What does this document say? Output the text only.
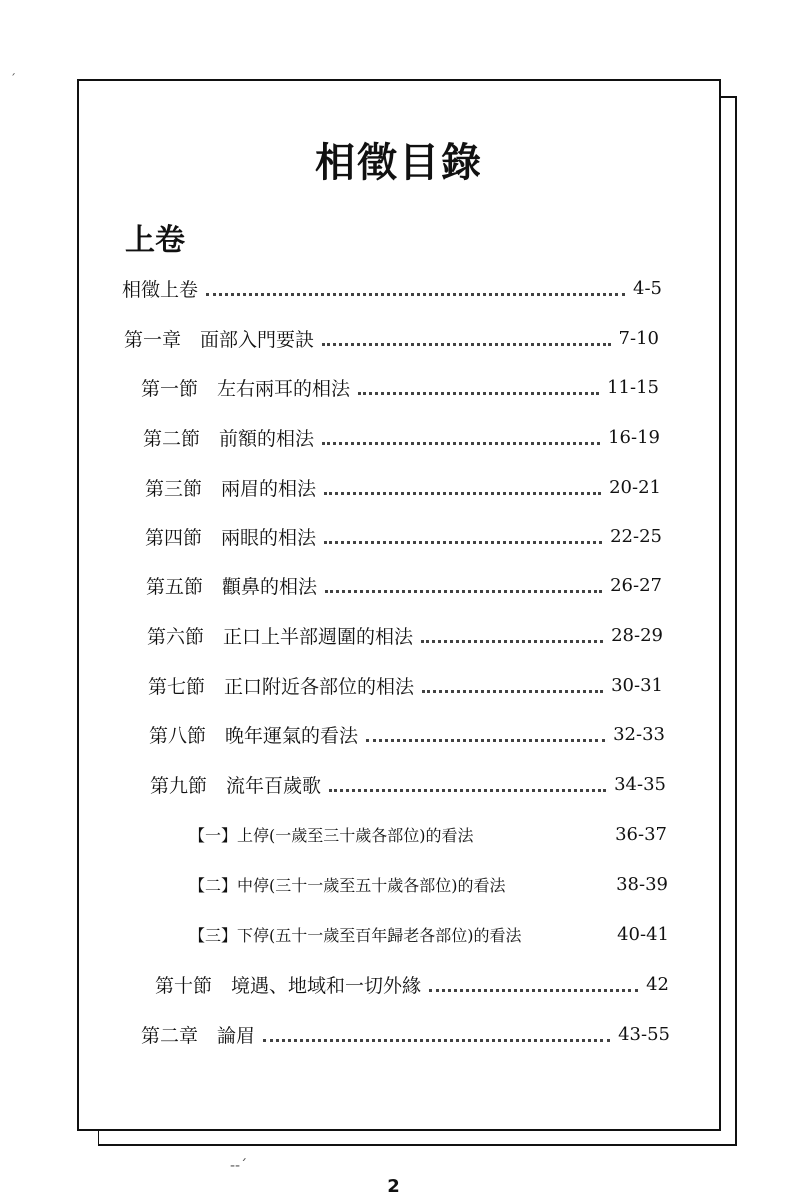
相徵目錄
上卷
相徵上卷	4-5
第一章　面部入門要訣	7-10
第一節　左右兩耳的相法	11-15
第二節　前額的相法	16-19
第三節　兩眉的相法	20-21
第四節　兩眼的相法	22-25
第五節　顴鼻的相法	26-27
第六節　正口上半部週圍的相法	28-29
第七節　正口附近各部位的相法	30-31
第八節　晚年運氣的看法	32-33
第九節　流年百歲歌	34-35
【一】上停(一歲至三十歲各部位)的看法	36-37
【二】中停(三十一歲至五十歲各部位)的看法	38-39
【三】下停(五十一歲至百年歸老各部位)的看法	40-41
第十節　境遇、地域和一切外緣	42
第二章　論眉	43-55
ˊ
‐‐ˊ
2
